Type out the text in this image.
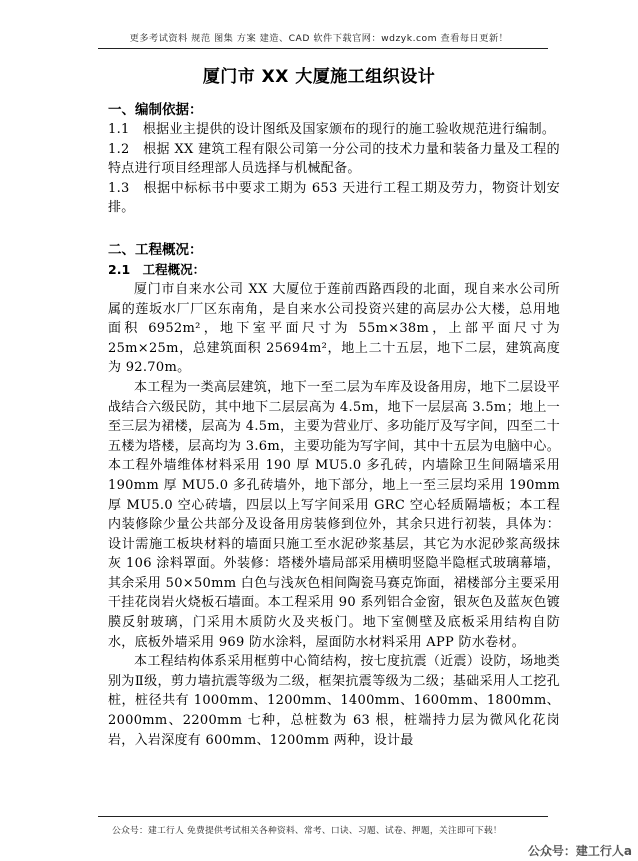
更多考试资料 规范 图集 方案 建造、CAD 软件下载官网：wdzyk.com 查看每日更新！
厦门市 XX 大厦施工组织设计

一、编制依据：

1.1　根据业主提供的设计图纸及国家颁布的现行的施工验收规范进行编制。

1.2　根据 XX 建筑工程有限公司第一分公司的技术力量和装备力量及工程的特点进行项目经理部人员选择与机械配备。

1.3　根据中标标书中要求工期为 653 天进行工程工期及劳力，物资计划安排。

二、工程概况：

2.1　工程概况：

厦门市自来水公司 XX 大厦位于莲前西路西段的北面，现自来水公司所属的莲坂水厂厂区东南角，是自来水公司投资兴建的高层办公大楼，总用地面积 6952m²，地下室平面尺寸为 55m×38m，上部平面尺寸为 25m×25m，总建筑面积 25694m²，地上二十五层，地下二层，建筑高度为 92.70m。

本工程为一类高层建筑，地下一至二层为车库及设备用房，地下二层设平战结合六级民防，其中地下二层层高为 4.5m，地下一层层高 3.5m；地上一至三层为裙楼，层高为 4.5m，主要为营业厅、多功能厅及写字间，四至二十五楼为塔楼，层高均为 3.6m，主要功能为写字间，其中十五层为电脑中心。本工程外墙维体材料采用 190 厚 MU5.0 多孔砖，内墙除卫生间隔墙采用 190mm 厚 MU5.0 多孔砖墙外，地下部分，地上一至三层均采用 190mm 厚 MU5.0 空心砖墙，四层以上写字间采用 GRC 空心轻质隔墙板；本工程内装修除少量公共部分及设备用房装修到位外，其余只进行初装，具体为：设计需施工板块材料的墙面只施工至水泥砂浆基层，其它为水泥砂浆高级抹灰 106 涂料罩面。外装修：塔楼外墙局部采用横明竖隐半隐框式玻璃幕墙，其余采用 50×50mm 白色与浅灰色相间陶瓷马赛克饰面，裙楼部分主要采用干挂花岗岩火烧板石墙面。本工程采用 90 系列铝合金窗，银灰色及蓝灰色镀膜反射玻璃，门采用木质防火及夹板门。地下室侧壁及底板采用结构自防水，底板外墙采用 969 防水涂料，屋面防水材料采用 APP 防水卷材。

本工程结构体系采用框剪中心简结构，按七度抗震（近震）设防，场地类别为Ⅱ级，剪力墙抗震等级为二级，框架抗震等级为二级；基础采用人工挖孔桩，桩径共有 1000mm、1200mm、1400mm、1600mm、1800mm、2000mm、2200mm 七种，总桩数为 63 根，桩端持力层为微风化花岗岩，入岩深度有 600mm、1200mm 两种，设计最

公众号：建工行人 免费提供考试相关各种资料、常考、口诀、习题、试卷、押题，关注即可下载！
公众号：建工行人a
